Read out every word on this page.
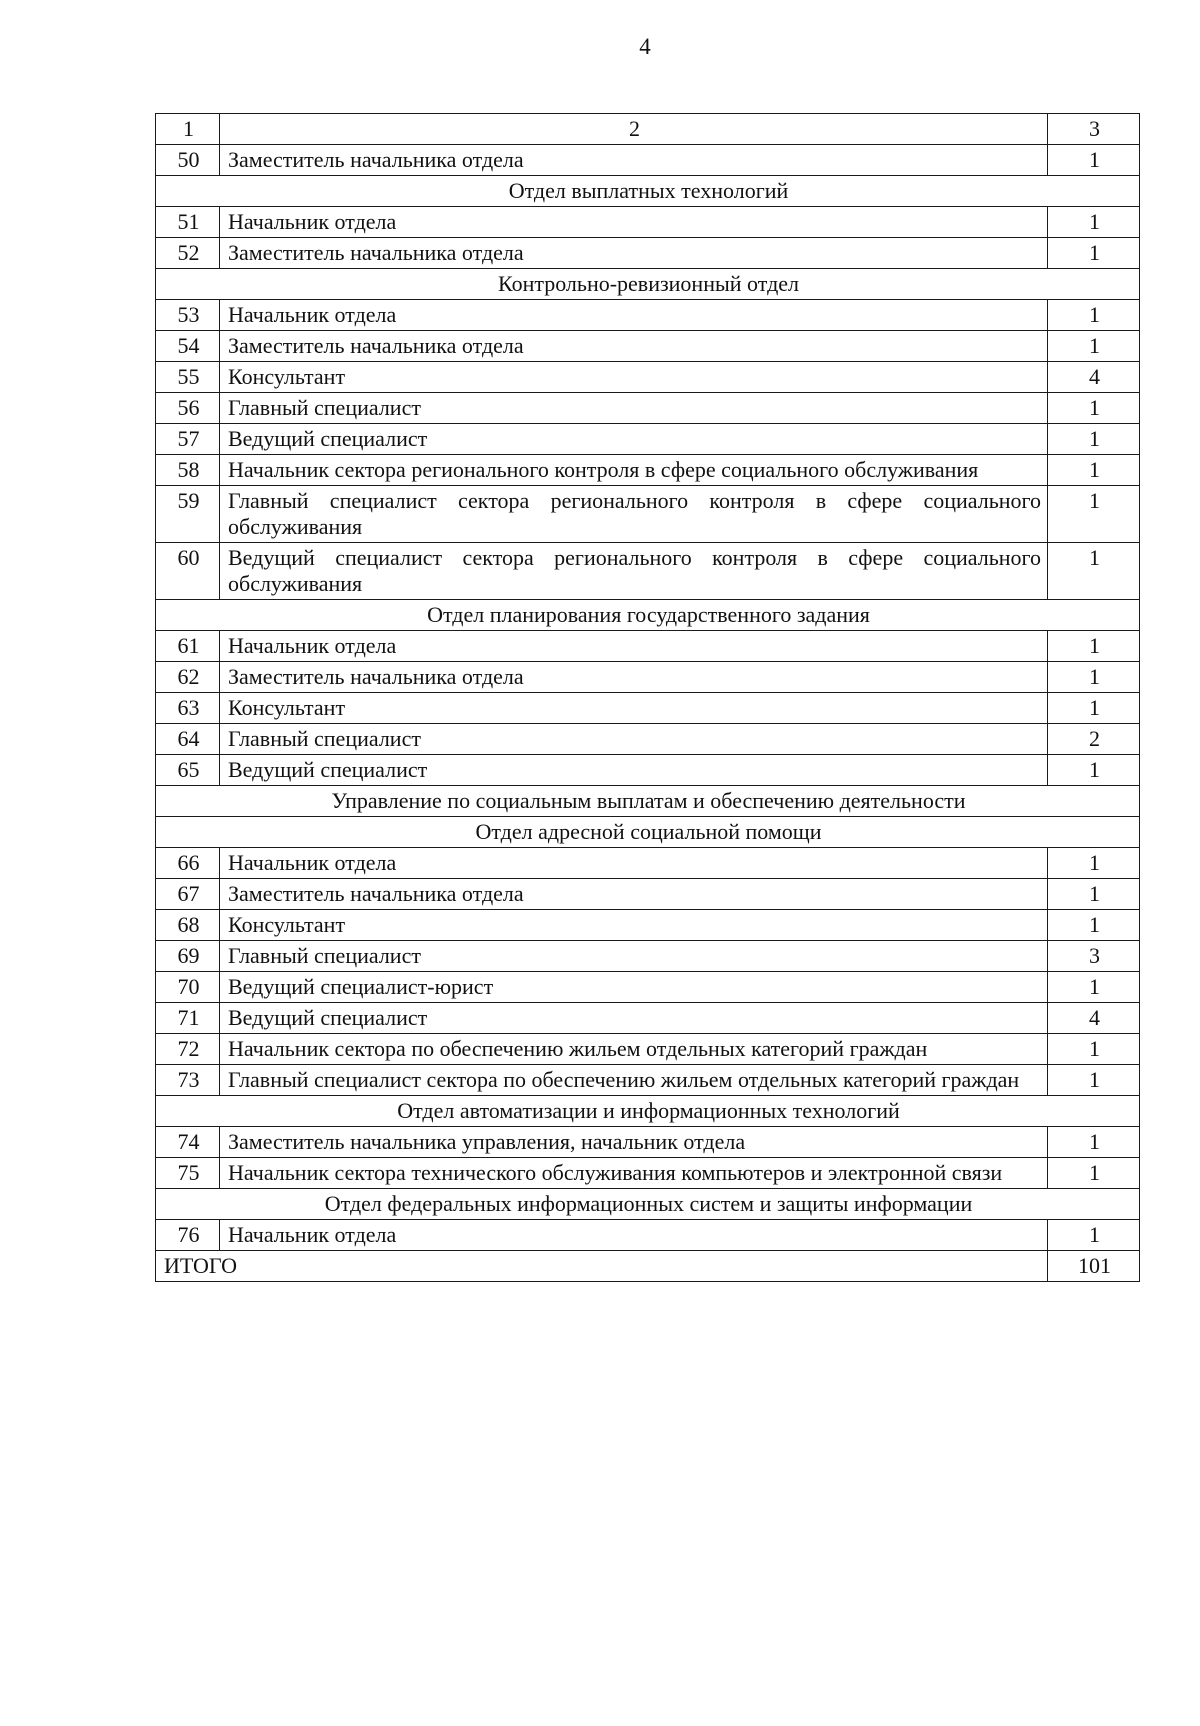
4
1	2	3
50	Заместитель начальника отдела	1
Отдел выплатных технологий		
51	Начальник отдела	1
52	Заместитель начальника отдела	1
Контрольно-ревизионный отдел		
53	Начальник отдела	1
54	Заместитель начальника отдела	1
55	Консультант	4
56	Главный специалист	1
57	Ведущий специалист	1
58	Начальник сектора регионального контроля в сфере социального обслуживания	1
59	Главный специалист сектора регионального контроля в сфере социального обслуживания	1
60	Ведущий специалист сектора регионального контроля в сфере социального обслуживания	1
Отдел планирования государственного задания		
61	Начальник отдела	1
62	Заместитель начальника отдела	1
63	Консультант	1
64	Главный специалист	2
65	Ведущий специалист	1
Управление по социальным выплатам и обеспечению деятельности		
Отдел адресной социальной помощи		
66	Начальник отдела	1
67	Заместитель начальника отдела	1
68	Консультант	1
69	Главный специалист	3
70	Ведущий специалист-юрист	1
71	Ведущий специалист	4
72	Начальник сектора по обеспечению жильем отдельных категорий граждан	1
73	Главный специалист сектора по обеспечению жильем отдельных категорий граждан	1
Отдел автоматизации и информационных технологий		
74	Заместитель начальника управления, начальник отдела	1
75	Начальник сектора технического обслуживания компьютеров и электронной связи	1
Отдел федеральных информационных систем и защиты информации		
76	Начальник отдела	1
ИТОГО		101
